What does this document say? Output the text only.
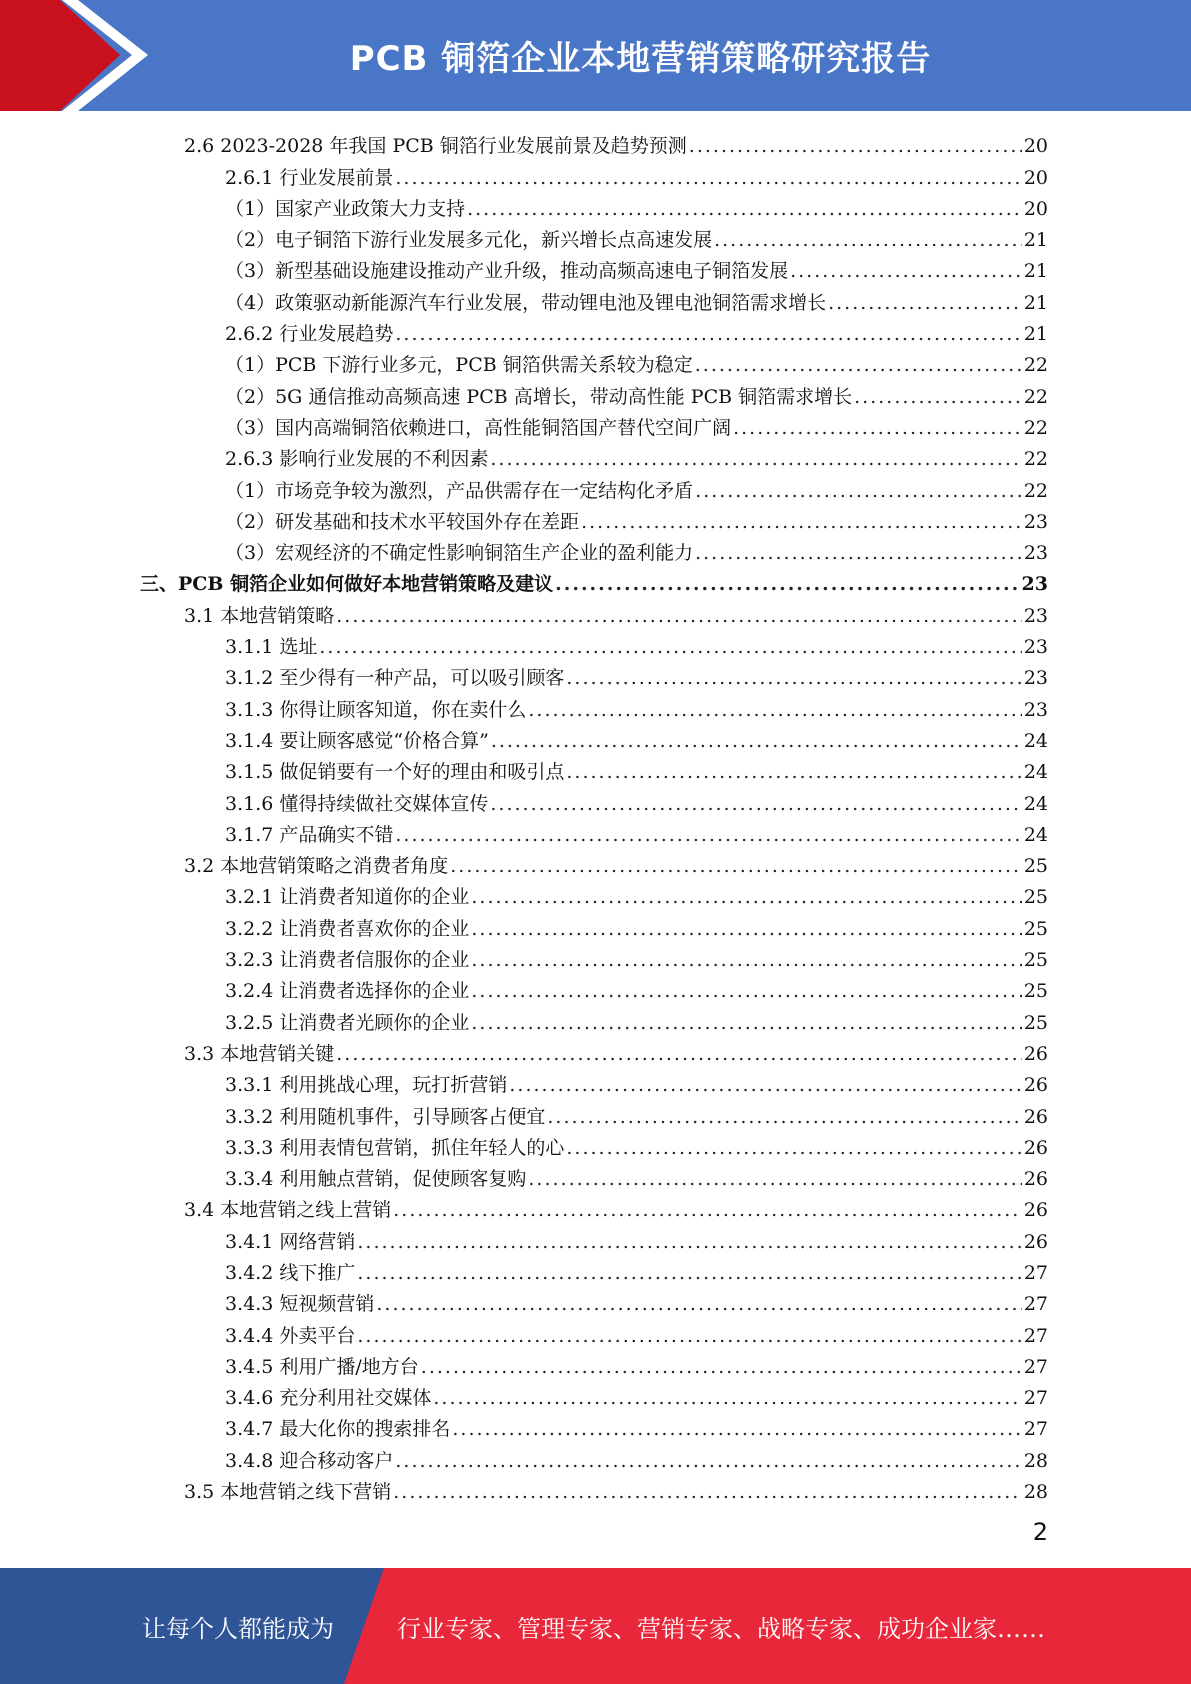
PCB 铜箔企业本地营销策略研究报告
2.6 2023-2028 年我国 PCB 铜箔行业发展前景及趋势预测 .....	20
2.6.1 行业发展前景 .....	20
（1）国家产业政策大力支持 .....	20
（2）电子铜箔下游行业发展多元化，新兴增长点高速发展 .....	21
（3）新型基础设施建设推动产业升级，推动高频高速电子铜箔发展 .....	21
（4）政策驱动新能源汽车行业发展，带动锂电池及锂电池铜箔需求增长 .....	21
2.6.2 行业发展趋势 .....	21
（1）PCB 下游行业多元，PCB 铜箔供需关系较为稳定 .....	22
（2）5G 通信推动高频高速 PCB 高增长，带动高性能 PCB 铜箔需求增长 .....	22
（3）国内高端铜箔依赖进口，高性能铜箔国产替代空间广阔 .....	22
2.6.3 影响行业发展的不利因素 .....	22
（1）市场竞争较为激烈，产品供需存在一定结构化矛盾 .....	22
（2）研发基础和技术水平较国外存在差距 .....	23
（3）宏观经济的不确定性影响铜箔生产企业的盈利能力 .....	23
三、PCB 铜箔企业如何做好本地营销策略及建议 .....	23
3.1 本地营销策略 .....	23
3.1.1 选址 .....	23
3.1.2 至少得有一种产品，可以吸引顾客 .....	23
3.1.3 你得让顾客知道，你在卖什么 .....	23
3.1.4 要让顾客感觉“价格合算” .....	24
3.1.5 做促销要有一个好的理由和吸引点 .....	24
3.1.6 懂得持续做社交媒体宣传 .....	24
3.1.7 产品确实不错 .....	24
3.2 本地营销策略之消费者角度 .....	25
3.2.1 让消费者知道你的企业 .....	25
3.2.2 让消费者喜欢你的企业 .....	25
3.2.3 让消费者信服你的企业 .....	25
3.2.4 让消费者选择你的企业 .....	25
3.2.5 让消费者光顾你的企业 .....	25
3.3 本地营销关键 .....	26
3.3.1 利用挑战心理，玩打折营销 .....	26
3.3.2 利用随机事件，引导顾客占便宜 .....	26
3.3.3 利用表情包营销，抓住年轻人的心 .....	26
3.3.4 利用触点营销，促使顾客复购 .....	26
3.4 本地营销之线上营销 .....	26
3.4.1 网络营销 .....	26
3.4.2 线下推广 .....	27
3.4.3 短视频营销 .....	27
3.4.4 外卖平台 .....	27
3.4.5 利用广播/地方台 .....	27
3.4.6 充分利用社交媒体 .....	27
3.4.7 最大化你的搜索排名 .....	27
3.4.8 迎合移动客户 .....	28
3.5 本地营销之线下营销 .....	28
2
让每个人都能成为	行业专家、管理专家、营销专家、战略专家、成功企业家……
